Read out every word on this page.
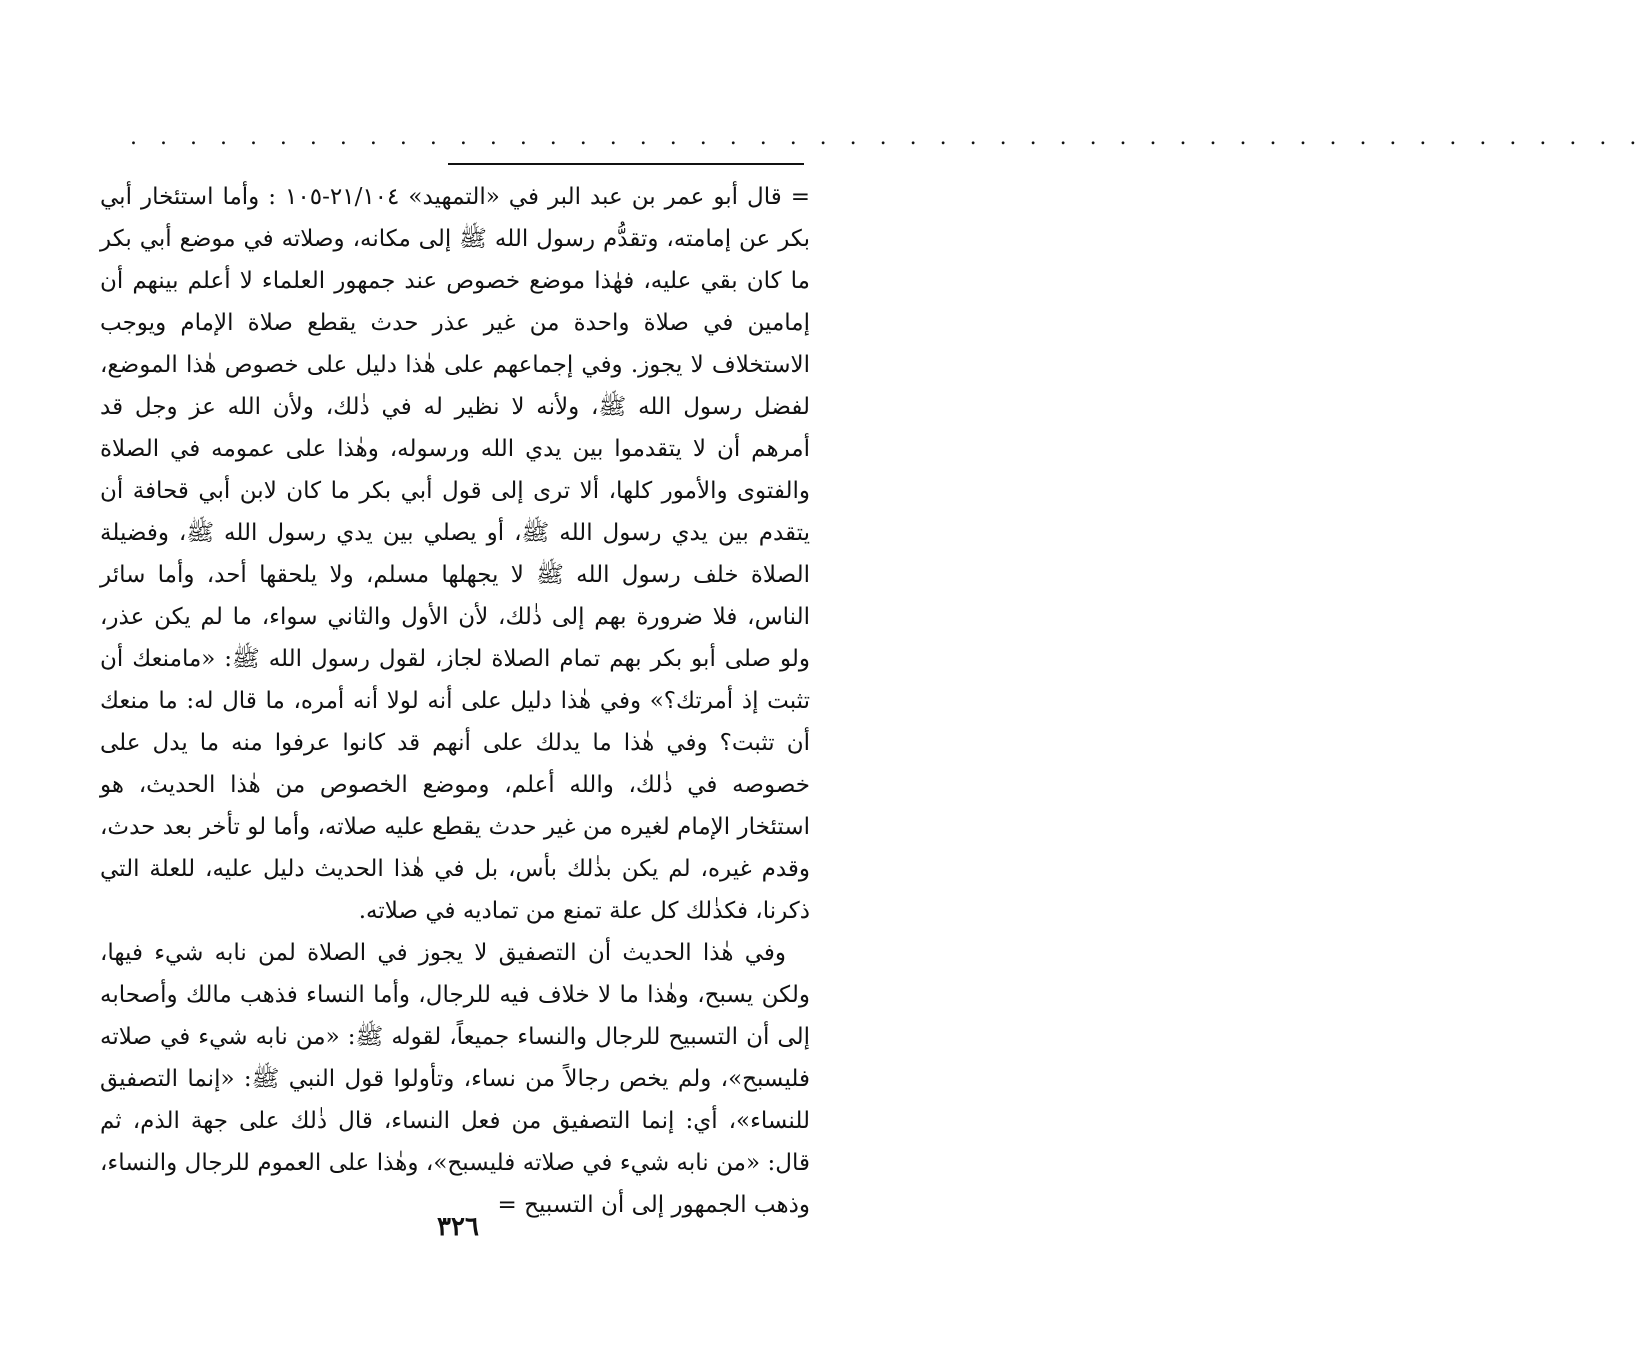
. . . . . . . . . . . . . . . . . . . . . . . . . . . . . . . . . . . . . . . . . . . . . . . . . . .

= قال أبو عمر بن عبد البر في «التمهيد» ٢١/١٠٤-١٠٥ : وأما استئخار أبي بكر عن إمامته، وتقدُّم رسول الله ﷺ إلى مكانه، وصلاته في موضع أبي بكر ما كان بقي عليه، فهٰذا موضع خصوص عند جمهور العلماء لا أعلم بينهم أن إمامين في صلاة واحدة من غير عذر حدث يقطع صلاة الإمام ويوجب الاستخلاف لا يجوز. وفي إجماعهم على هٰذا دليل على خصوص هٰذا الموضع، لفضل رسول الله ﷺ، ولأنه لا نظير له في ذٰلك، ولأن الله عز وجل قد أمرهم أن لا يتقدموا بين يدي الله ورسوله، وهٰذا على عمومه في الصلاة والفتوى والأمور كلها، ألا ترى إلى قول أبي بكر ما كان لابن أبي قحافة أن يتقدم بين يدي رسول الله ﷺ، أو يصلي بين يدي رسول الله ﷺ، وفضيلة الصلاة خلف رسول الله ﷺ لا يجهلها مسلم، ولا يلحقها أحد، وأما سائر الناس، فلا ضرورة بهم إلى ذٰلك، لأن الأول والثاني سواء، ما لم يكن عذر، ولو صلى أبو بكر بهم تمام الصلاة لجاز، لقول رسول الله ﷺ: «مامنعك أن تثبت إذ أمرتك؟» وفي هٰذا دليل على أنه لولا أنه أمره، ما قال له: ما منعك أن تثبت؟ وفي هٰذا ما يدلك على أنهم قد كانوا عرفوا منه ما يدل على خصوصه في ذٰلك، والله أعلم، وموضع الخصوص من هٰذا الحديث، هو استئخار الإمام لغيره من غير حدث يقطع عليه صلاته، وأما لو تأخر بعد حدث، وقدم غيره، لم يكن بذٰلك بأس، بل في هٰذا الحديث دليل عليه، للعلة التي ذكرنا، فكذٰلك كل علة تمنع من تماديه في صلاته.

وفي هٰذا الحديث أن التصفيق لا يجوز في الصلاة لمن نابه شيء فيها، ولكن يسبح، وهٰذا ما لا خلاف فيه للرجال، وأما النساء فذهب مالك وأصحابه إلى أن التسبيح للرجال والنساء جميعاً، لقوله ﷺ: «من نابه شيء في صلاته فليسبح»، ولم يخص رجالاً من نساء، وتأولوا قول النبي ﷺ: «إنما التصفيق للنساء»، أي: إنما التصفيق من فعل النساء، قال ذٰلك على جهة الذم، ثم قال: «من نابه شيء في صلاته فليسبح»، وهٰذا على العموم للرجال والنساء، وذهب الجمهور إلى أن التسبيح =

٣٢٦
